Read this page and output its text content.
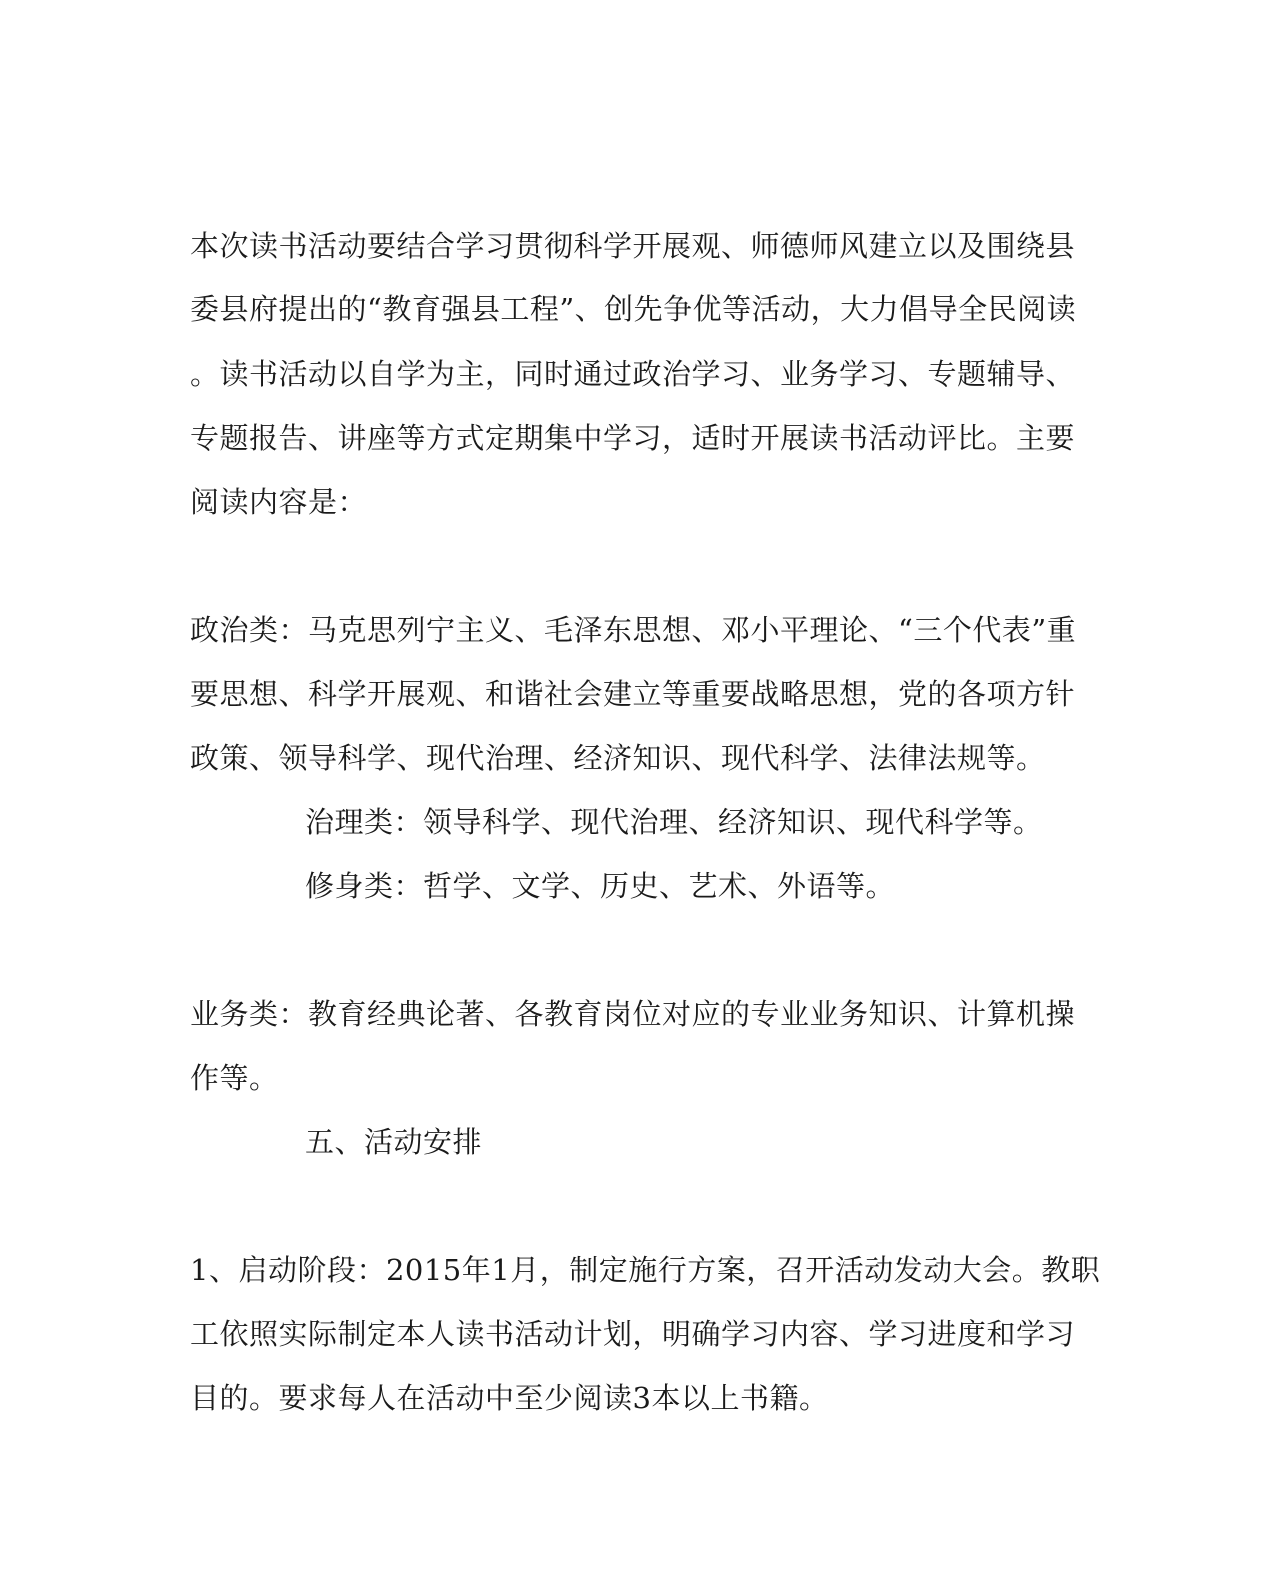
本次读书活动要结合学习贯彻科学开展观、师德师风建立以及围绕县
委县府提出的“教育强县工程”、创先争优等活动，大力倡导全民阅读
。读书活动以自学为主，同时通过政治学习、业务学习、专题辅导、
专题报告、讲座等方式定期集中学习，适时开展读书活动评比。主要
阅读内容是：
政治类：马克思列宁主义、毛泽东思想、邓小平理论、“三个代表”重
要思想、科学开展观、和谐社会建立等重要战略思想，党的各项方针
政策、领导科学、现代治理、经济知识、现代科学、法律法规等。
治理类：领导科学、现代治理、经济知识、现代科学等。
修身类：哲学、文学、历史、艺术、外语等。
业务类：教育经典论著、各教育岗位对应的专业业务知识、计算机操
作等。
五、活动安排
1、启动阶段：2015年1月，制定施行方案，召开活动发动大会。教职
工依照实际制定本人读书活动计划，明确学习内容、学习进度和学习
目的。要求每人在活动中至少阅读3本以上书籍。
